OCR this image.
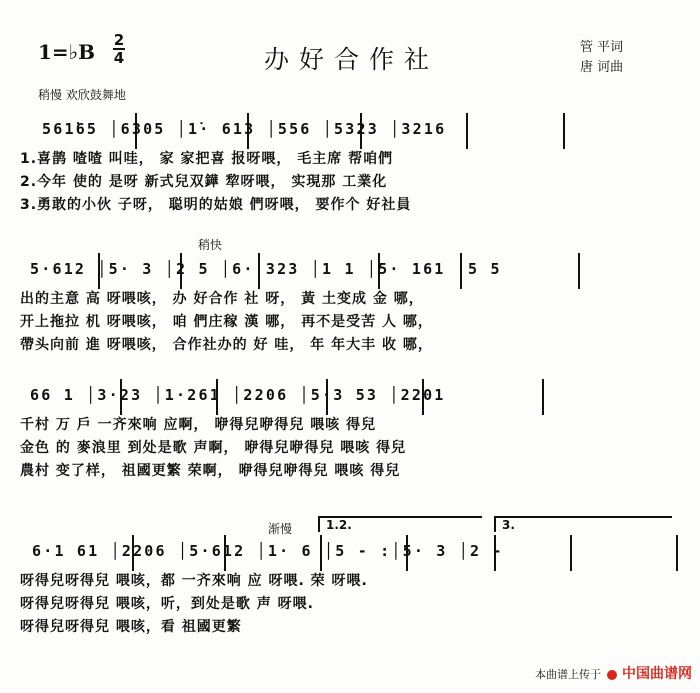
1=♭B 2
4	办好合作社	管 平词
唐 诃曲
稍慢 欢欣鼓舞地
稍快
渐慢
561̇65 │6305 │1̇· 613 │556 │5323 │3216
1.喜鹊 喳喳 叫哇， 家 家把喜 报呀喂， 毛主席 帮咱們
2.今年 使的 是呀 新式兒双鏵 犂呀喂， 实現那 工業化
3.勇敢的小伙 子呀， 聪明的姑娘 們呀喂， 要作个 好社員
5·612 │5· 3 │2 5 │6· 323 │1 1 │5· 161 │5 5
出的主意 高 呀喂咳， 办 好合作 社 呀， 黃 土变成 金 哪，
开上拖拉 机 呀喂咳， 咱 們庄稼 漢 哪， 再不是受苦 人 哪，
帶头向前 進 呀喂咳， 合作社办的 好 哇， 年 年大丰 收 哪，
66 1 │3·23 │1·261 │2206 │5·3 53 │2201
千村 万 戶 一齐來响 应啊， 咿得兒咿得兒 喂咳 得兒
金色 的 麥浪里 到处是歌 声啊， 咿得兒咿得兒 喂咳 得兒
農村 变了样， 祖國更繁 荣啊， 咿得兒咿得兒 喂咳 得兒
1.2.	3.
6·1 61 │2206 │5·612 │1· 6 │5 - :│5· 3 │2 -
呀得兒呀得兒 喂咳，都 一齐來响 应 呀喂. 荣 呀喂.
呀得兒呀得兒 喂咳，听，到处是歌 声 呀喂.
呀得兒呀得兒 喂咳，看 祖國更繁
本曲谱上传于 中国曲谱网
